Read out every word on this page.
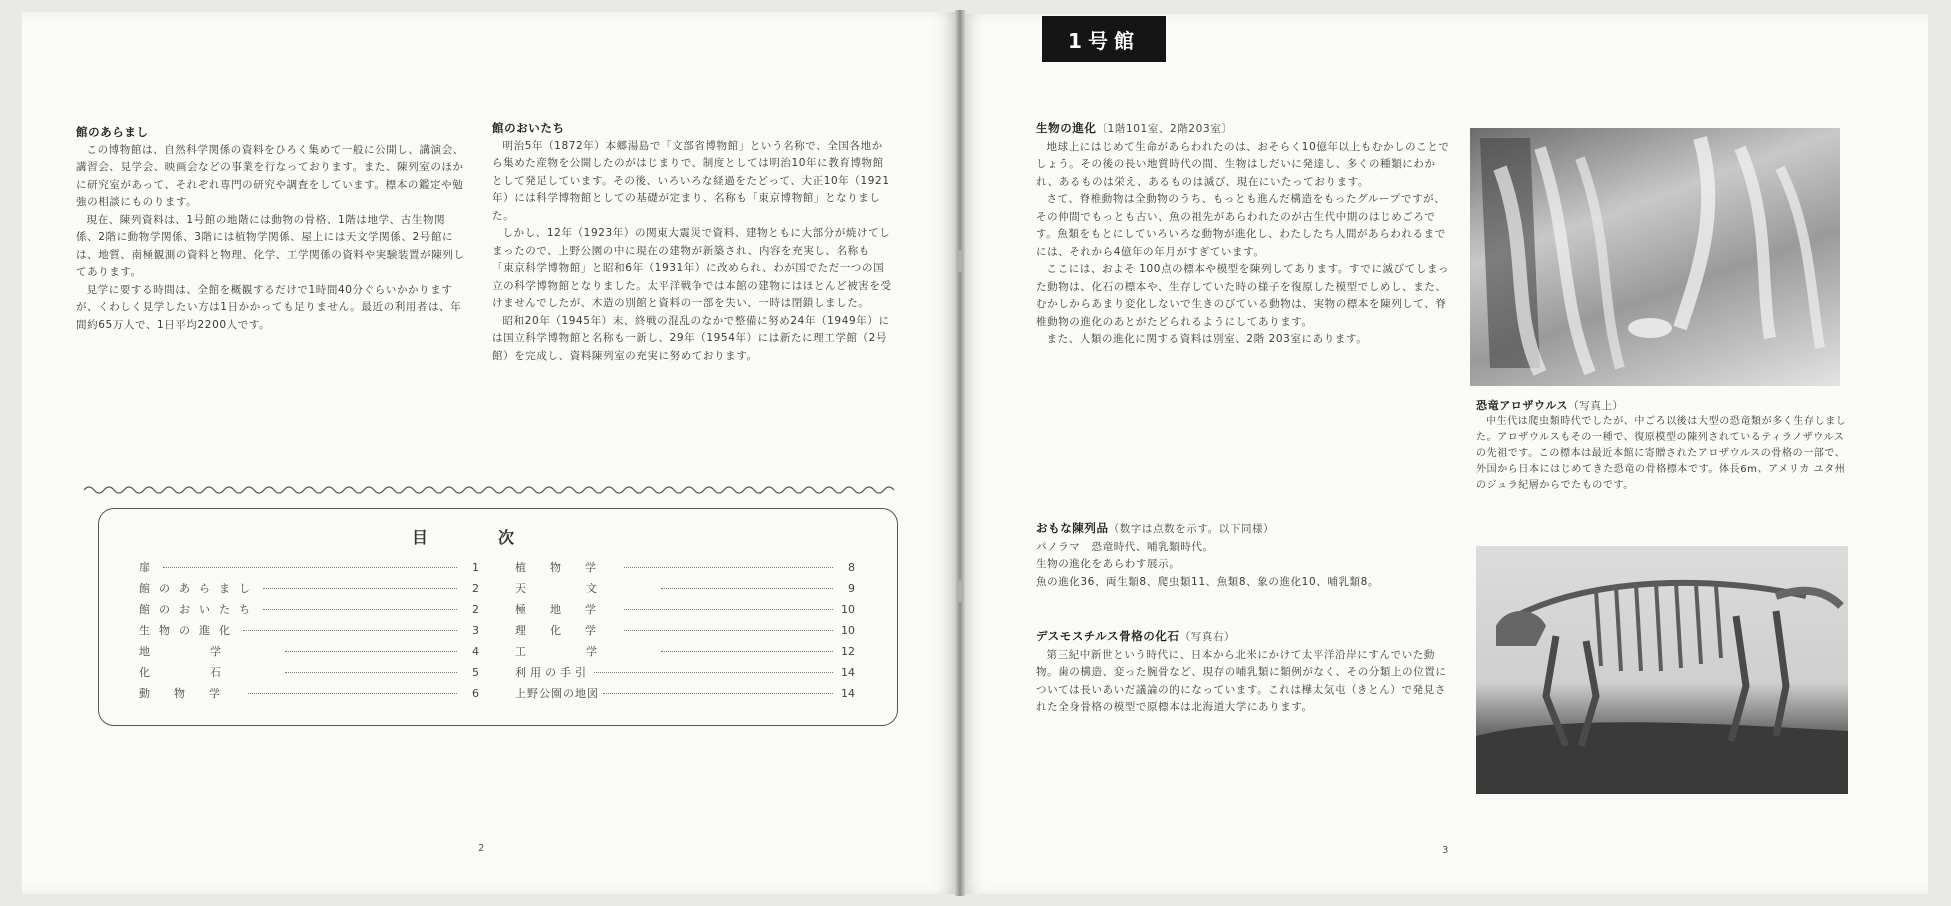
館のあらまし

この博物館は、自然科学関係の資料をひろく集めて一般に公開し、講演会、講習会、見学会、映画会などの事業を行なっております。また、陳列室のほかに研究室があって、それぞれ専門の研究や調査をしています。標本の鑑定や勉強の相談にものります。

現在、陳列資料は、1号館の地階には動物の骨格、1階は地学、古生物関係、2階に動物学関係、3階には植物学関係、屋上には天文学関係、2号館には、地質、南極観測の資料と物理、化学、工学関係の資料や実験装置が陳列してあります。

見学に要する時間は、全館を概観するだけで1時間40分ぐらいかかりますが、くわしく見学したい方は1日かかっても足りません。最近の利用者は、年間約65万人で、1日平均2200人です。

館のおいたち

明治5年（1872年）本郷湯島で「文部省博物館」という名称で、全国各地から集めた産物を公開したのがはじまりで、制度としては明治10年に教育博物館として発足しています。その後、いろいろな経過をたどって、大正10年（1921年）には科学博物館としての基礎が定まり、名称も「東京博物館」となりました。

しかし、12年（1923年）の関東大震災で資料、建物ともに大部分が焼けてしまったので、上野公園の中に現在の建物が新築され、内容を充実し、名称も「東京科学博物館」と昭和6年（1931年）に改められ、わが国でただ一つの国立の科学博物館となりました。太平洋戦争では本館の建物にはほとんど被害を受けませんでしたが、木造の別館と資料の一部を失い、一時は閉鎖しました。

昭和20年（1945年）末、終戦の混乱のなかで整備に努め24年（1949年）には国立科学博物館と名称も一新し、29年（1954年）には新たに理工学館（2号館）を完成し、資料陳列室の充実に努めております。

目次
扉	1
館のあらまし	2
館のおいたち	2
生物の進化	3
地学	4
化石	5
動物学	6
植物学	8
天文	9
極地学	10
理化学	10
工学	12
利用の手引	14
上野公園の地図	14
2
1号館
生物の進化〔1階101室、2階203室〕

地球上にはじめて生命があらわれたのは、おそらく10億年以上もむかしのことでしょう。その後の長い地質時代の間、生物はしだいに発達し、多くの種類にわかれ、あるものは栄え、あるものは滅び、現在にいたっております。

さて、脊椎動物は全動物のうち、もっとも進んだ構造をもったグループですが、その仲間でもっとも古い、魚の祖先があらわれたのが古生代中期のはじめごろです。魚類をもとにしていろいろな動物が進化し、わたしたち人間があらわれるまでには、それから4億年の年月がすぎています。

ここには、およそ 100点の標本や模型を陳列してあります。すでに滅びてしまった動物は、化石の標本や、生存していた時の様子を復原した模型でしめし、また、むかしからあまり変化しないで生きのびている動物は、実物の標本を陳列して、脊椎動物の進化のあとがたどられるようにしてあります。

また、人類の進化に関する資料は別室、2階 203室にあります。

おもな陳列品（数字は点数を示す。以下同様）
パノラマ　恐竜時代、哺乳類時代。
生物の進化をあらわす展示。
魚の進化36、両生類8、爬虫類11、魚類8、象の進化10、哺乳類8。
デスモスチルス骨格の化石（写真右）

第三紀中新世という時代に、日本から北米にかけて太平洋沿岸にすんでいた動物。歯の構造、変った腕骨など、現存の哺乳類に類例がなく、その分類上の位置については長いあいだ議論の的になっています。これは樺太気屯（きとん）で発見された全身骨格の模型で原標本は北海道大学にあります。

恐竜アロザウルス（写真上）

中生代は爬虫類時代でしたが、中ごろ以後は大型の恐竜類が多く生存しました。アロザウルスもその一種で、復原模型の陳列されているティラノザウルスの先祖です。この標本は最近本館に寄贈されたアロザウルスの骨格の一部で、外国から日本にはじめてきた恐竜の骨格標本です。体長6m、アメリカ ユタ州のジュラ紀層からでたものです。

3
